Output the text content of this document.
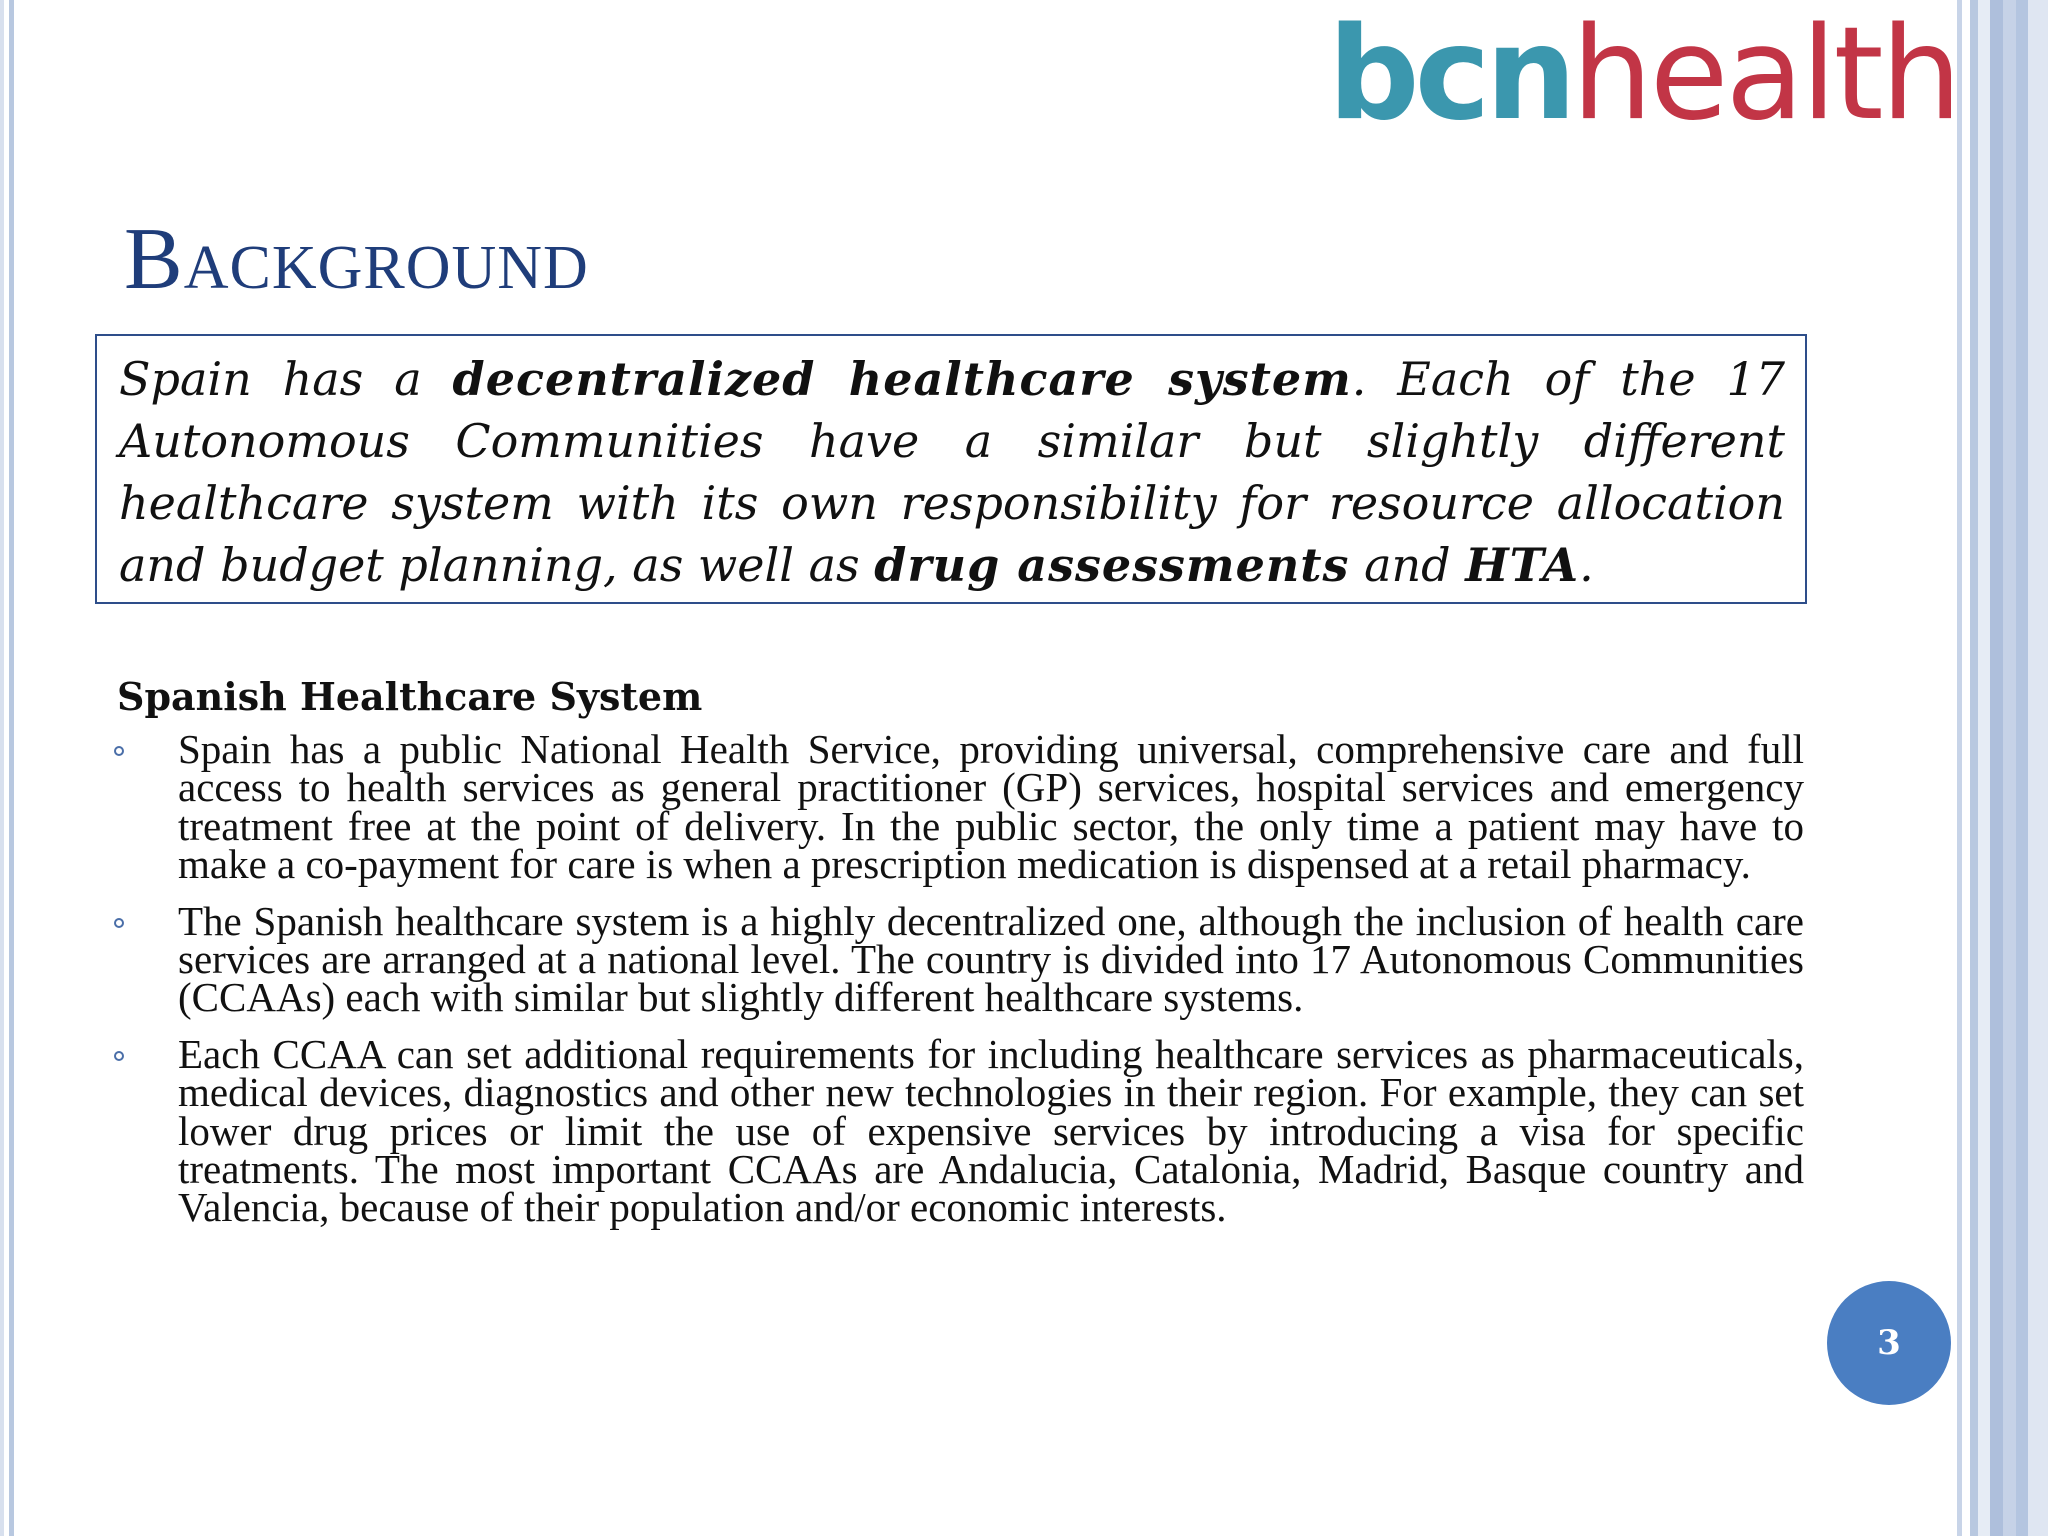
bcnhealth
Background

Spain has a decentralized healthcare system. Each of the 17 Autonomous Communities have a similar but slightly different healthcare system with its own responsibility for resource allocation and budget planning, as well as drug assessments and HTA.

Spanish Healthcare System
Spain has a public National Health Service, providing universal, comprehensive care and full access to health services as general practitioner (GP) services, hospital services and emergency treatment free at the point of delivery. In the public sector, the only time a patient may have to make a co-payment for care is when a prescription medication is dispensed at a retail pharmacy.
The Spanish healthcare system is a highly decentralized one, although the inclusion of health care services are arranged at a national level. The country is divided into 17 Autonomous Communities (CCAAs) each with similar but slightly different healthcare systems.
Each CCAA can set additional requirements for including healthcare services as pharmaceuticals, medical devices, diagnostics and other new technologies in their region. For example, they can set lower drug prices or limit the use of expensive services by introducing a visa for specific treatments. The most important CCAAs are Andalucia, Catalonia, Madrid, Basque country and Valencia, because of their population and/or economic interests.
3
